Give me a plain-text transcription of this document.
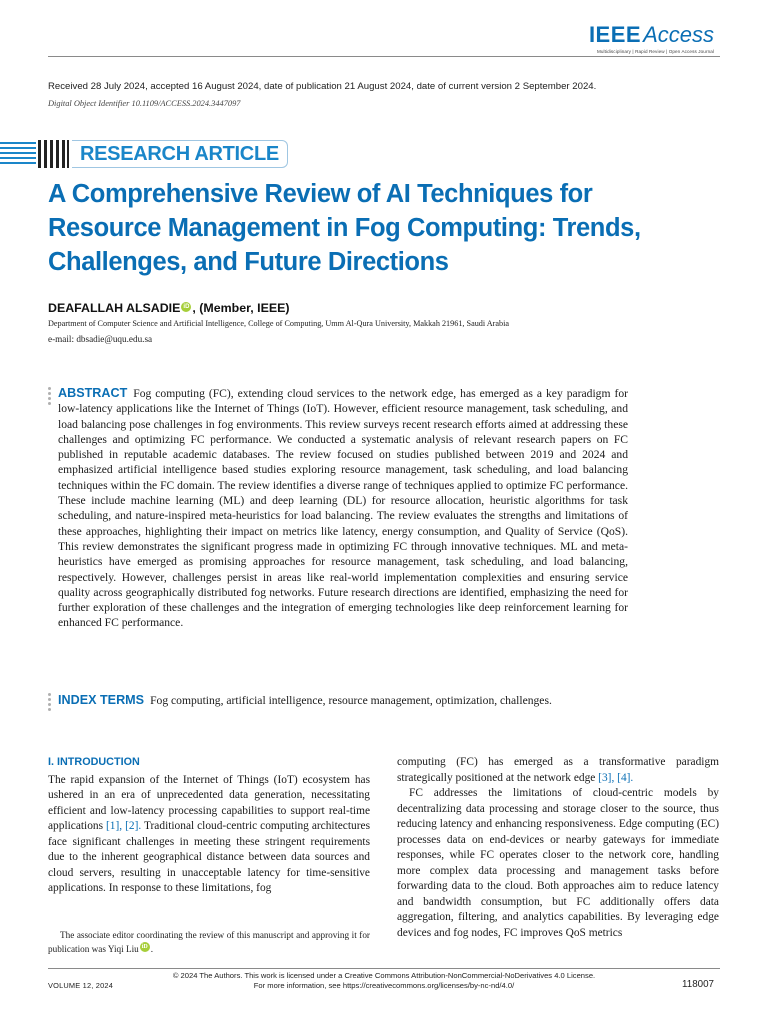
IEEEAccess
Multidisciplinary | Rapid Review | Open Access Journal
Received 28 July 2024, accepted 16 August 2024, date of publication 21 August 2024, date of current version 2 September 2024.
Digital Object Identifier 10.1109/ACCESS.2024.3447097
RESEARCH ARTICLE
A Comprehensive Review of AI Techniques for Resource Management in Fog Computing: Trends, Challenges, and Future Directions
DEAFALLAH ALSADIE iD , (Member, IEEE)
Department of Computer Science and Artificial Intelligence, College of Computing, Umm Al-Qura University, Makkah 21961, Saudi Arabia
e-mail: dbsadie@uqu.edu.sa
ABSTRACT Fog computing (FC), extending cloud services to the network edge, has emerged as a key paradigm for low-latency applications like the Internet of Things (IoT). However, efficient resource management, task scheduling, and load balancing pose challenges in fog environments. This review surveys recent research efforts aimed at addressing these challenges and optimizing FC performance. We conducted a systematic analysis of relevant research papers on FC published in reputable academic databases. The review focused on studies published between 2019 and 2024 and emphasized artificial intelligence based studies exploring resource management, task scheduling, and load balancing techniques within the FC domain. The review identifies a diverse range of techniques applied to optimize FC performance. These include machine learning (ML) and deep learning (DL) for resource allocation, heuristic algorithms for task scheduling, and nature-inspired meta-heuristics for load balancing. The review evaluates the strengths and limitations of these approaches, highlighting their impact on metrics like latency, energy consumption, and Quality of Service (QoS). This review demonstrates the significant progress made in optimizing FC through innovative techniques. ML and meta-heuristics have emerged as promising approaches for resource management, task scheduling, and load balancing, respectively. However, challenges persist in areas like real-world implementation complexities and ensuring service quality across geographically distributed fog networks. Future research directions are identified, emphasizing the need for further exploration of these challenges and the integration of emerging technologies like deep reinforcement learning for enhanced FC performance.
INDEX TERMS Fog computing, artificial intelligence, resource management, optimization, challenges.
I. INTRODUCTION

The rapid expansion of the Internet of Things (IoT) ecosystem has ushered in an era of unprecedented data generation, necessitating efficient and low-latency processing capabilities to support real-time applications [1], [2]. Traditional cloud-centric computing architectures face significant challenges in meeting these stringent requirements due to the inherent geographical distance between data sources and cloud servers, resulting in unacceptable latency for time-sensitive applications. In response to these limitations, fog

The associate editor coordinating the review of this manuscript and approving it for publication was Yiqi Liu iD .

computing (FC) has emerged as a transformative paradigm strategically positioned at the network edge [3], [4].

FC addresses the limitations of cloud-centric models by decentralizing data processing and storage closer to the source, thus reducing latency and enhancing responsiveness. Edge computing (EC) processes data on end-devices or nearby gateways for immediate responses, while FC operates closer to the network core, handling more complex data processing and management tasks before forwarding data to the cloud. Both approaches aim to reduce latency and bandwidth consumption, but FC additionally offers data aggregation, filtering, and analytics capabilities. By leveraging edge devices and fog nodes, FC improves QoS metrics

VOLUME 12, 2024
© 2024 The Authors. This work is licensed under a Creative Commons Attribution-NonCommercial-NoDerivatives 4.0 License.
For more information, see https://creativecommons.org/licenses/by-nc-nd/4.0/	118007
